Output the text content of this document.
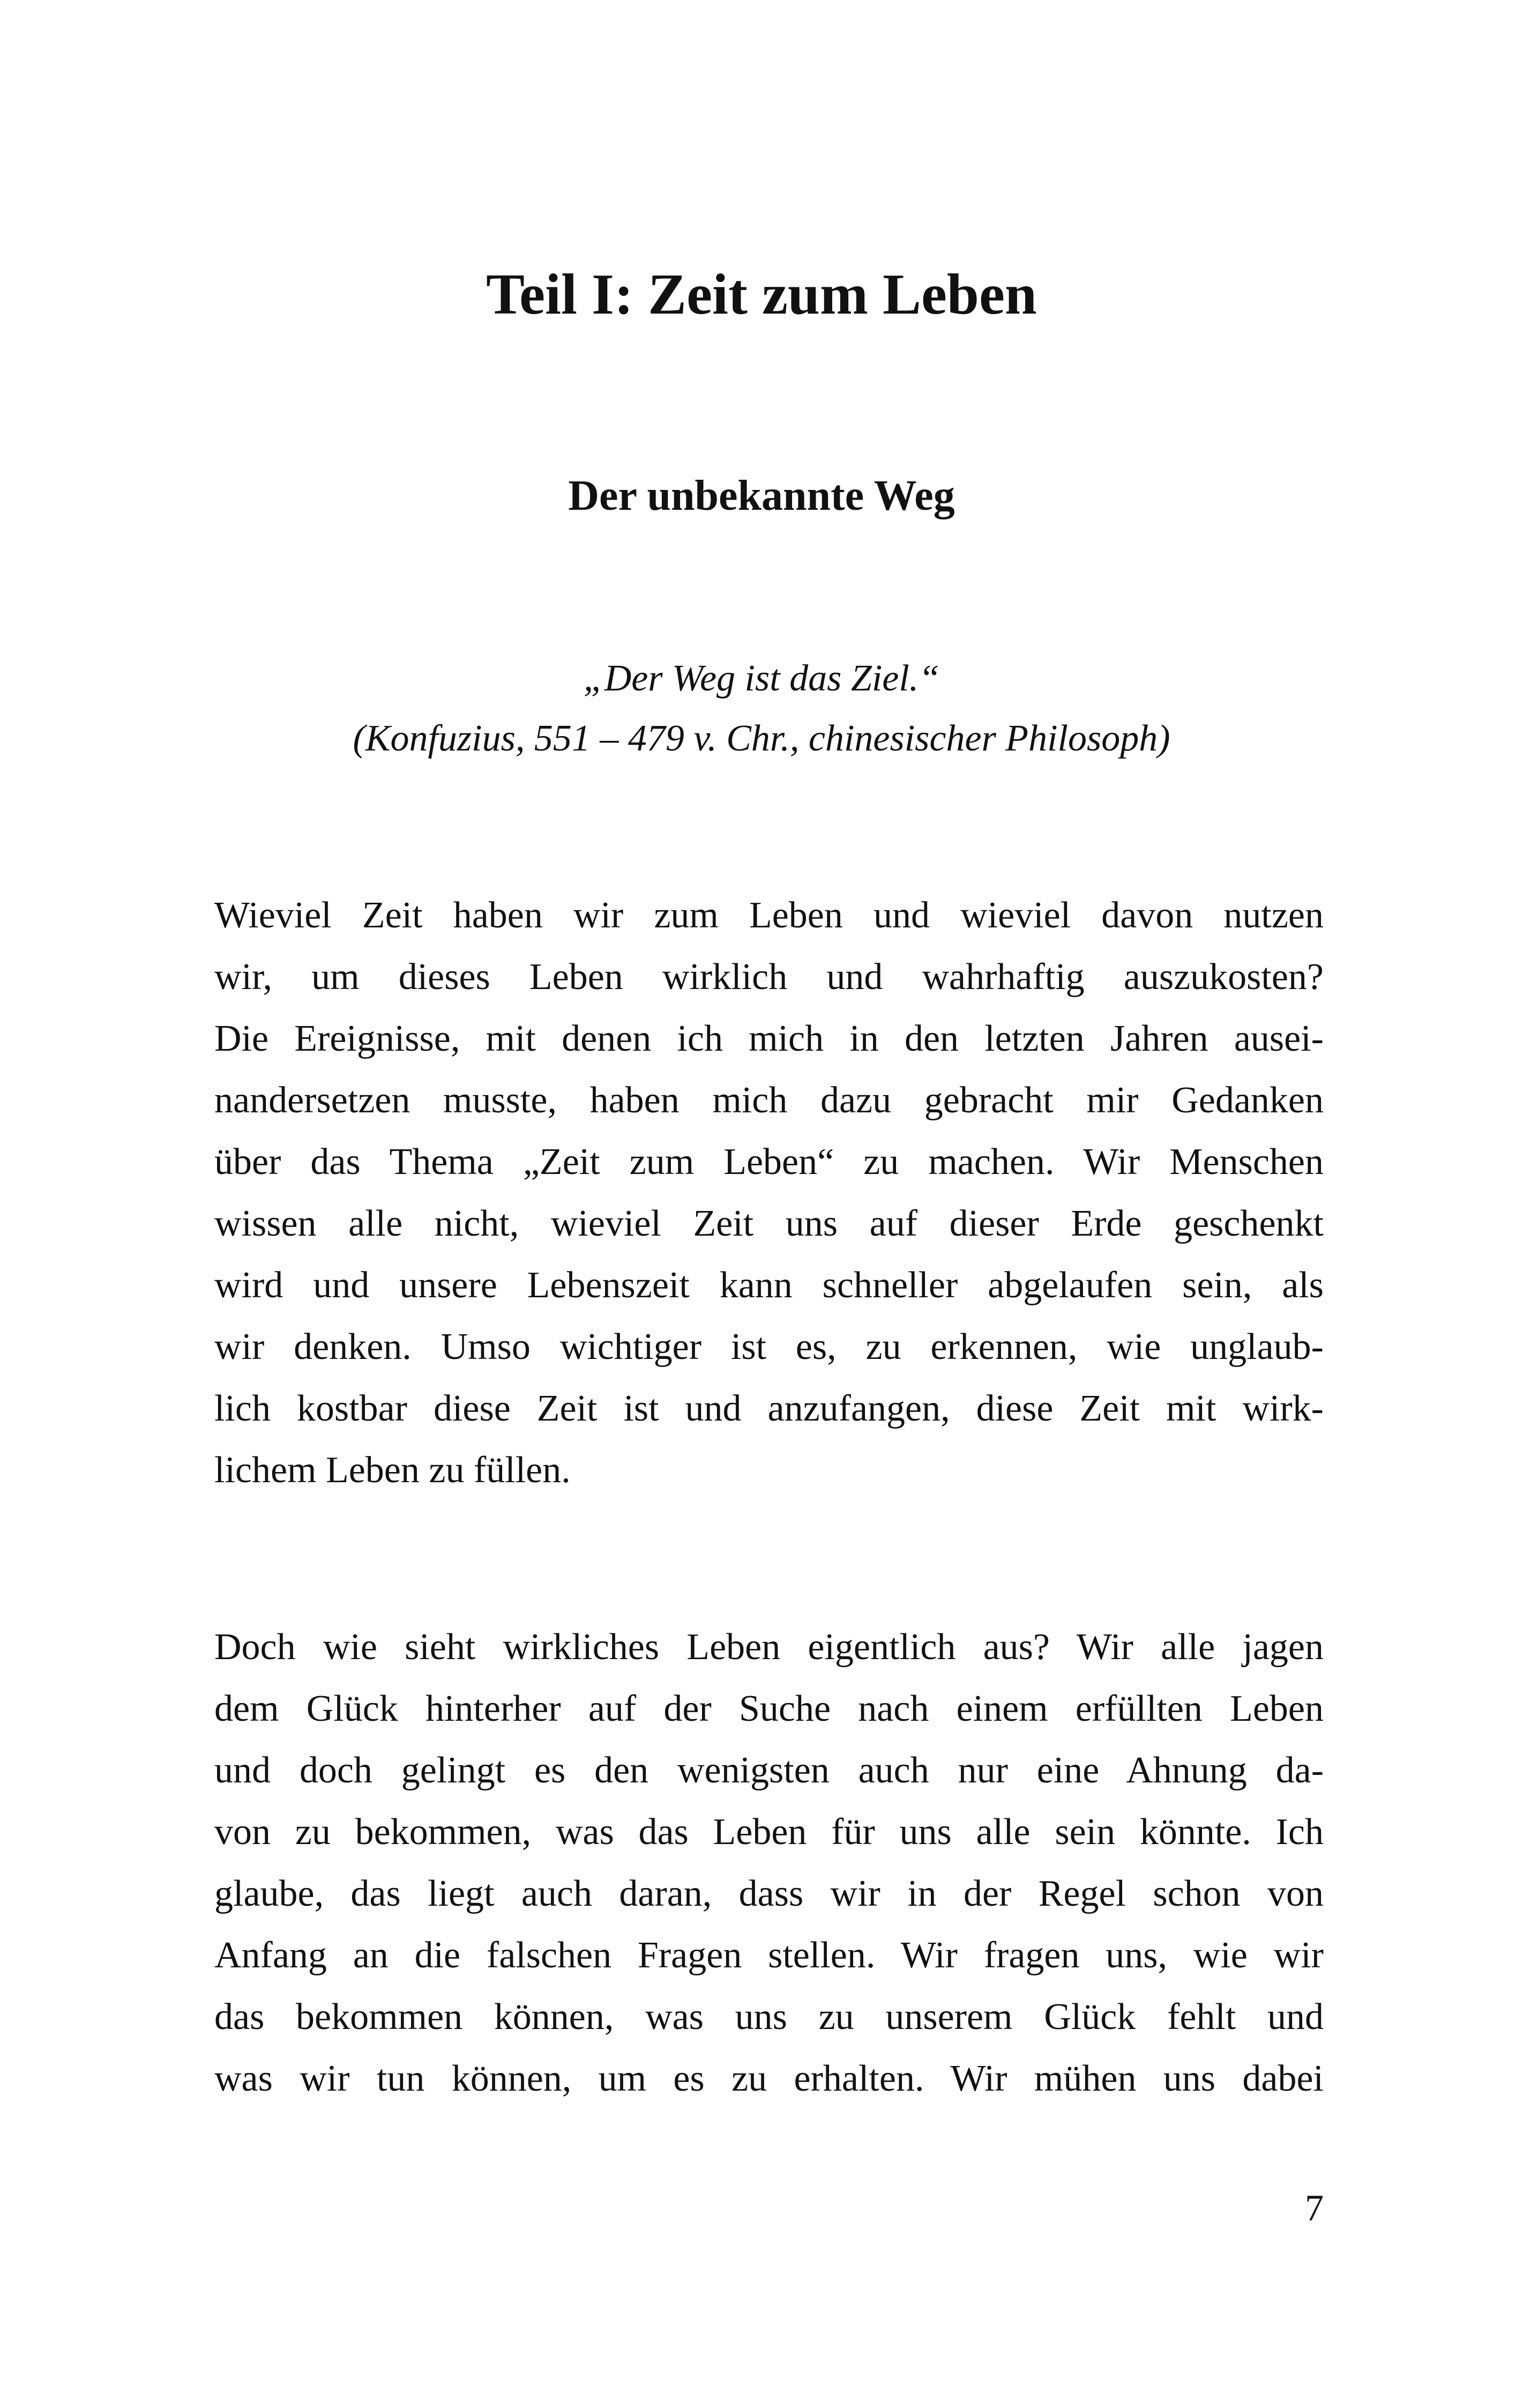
Teil I: Zeit zum Leben
Der unbekannte Weg
„Der Weg ist das Ziel.“
(Konfuzius, 551 – 479 v. Chr., chinesischer Philosoph)
Wieviel Zeit haben wir zum Leben und wieviel davon nutzen
wir, um dieses Leben wirklich und wahrhaftig auszukosten?
Die Ereignisse, mit denen ich mich in den letzten Jahren ausei-
nandersetzen musste, haben mich dazu gebracht mir Gedanken
über das Thema „Zeit zum Leben“ zu machen. Wir Menschen
wissen alle nicht, wieviel Zeit uns auf dieser Erde geschenkt
wird und unsere Lebenszeit kann schneller abgelaufen sein, als
wir denken. Umso wichtiger ist es, zu erkennen, wie unglaub-
lich kostbar diese Zeit ist und anzufangen, diese Zeit mit wirk-
lichem Leben zu füllen.
Doch wie sieht wirkliches Leben eigentlich aus? Wir alle jagen
dem Glück hinterher auf der Suche nach einem erfüllten Leben
und doch gelingt es den wenigsten auch nur eine Ahnung da-
von zu bekommen, was das Leben für uns alle sein könnte. Ich
glaube, das liegt auch daran, dass wir in der Regel schon von
Anfang an die falschen Fragen stellen. Wir fragen uns, wie wir
das bekommen können, was uns zu unserem Glück fehlt und
was wir tun können, um es zu erhalten. Wir mühen uns dabei
7
